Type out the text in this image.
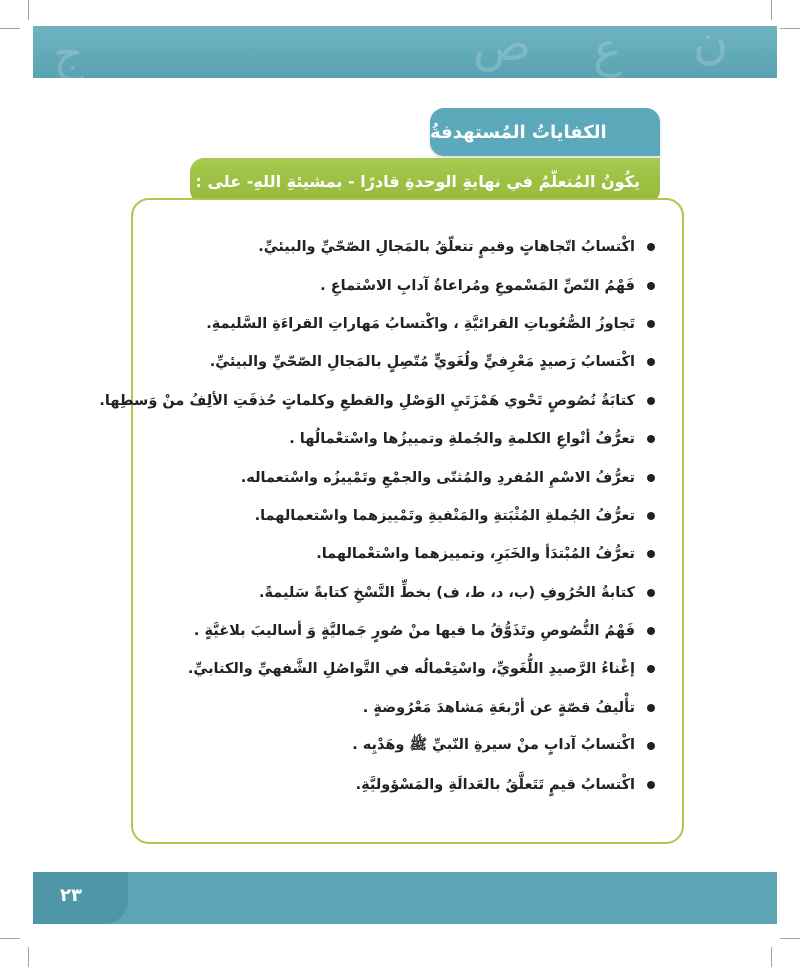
ﺹ ﻉ ﻥ
ﺝ
الكفاياتُ المُستهدفةُ
يكُونُ المُتعلّمُ في نهايةِ الوحدةِ قادرًا - بمشيئةِ اللهِ- على :
اكْتسابُ اتّجاهاتٍ وقيمٍ تتعلّقُ بالمَجالِ الصّحّيِّ والبيئيِّ.
فَهْمُ النّصِّ المَسْموعِ ومُراعاةُ آدابِ الاسْتماعِ .
تَجاوزُ الصُّعُوباتِ القرائيَّةِ ، واكْتسابُ مَهاراتِ القراءَةِ السَّليمةِ.
اكْتسابُ رَصيدٍ مَعْرِفيٍّ ولُغَويٍّ مُتّصِلٍ بالمَجالِ الصّحّيِّ والبيئيِّ.
كتابَةُ نُصُوصٍ تَحْوي هَمْزَتَيِ الوَصْلِ والقطعِ وكلماتٍ حُذفَتِ الألِفُ منْ وَسطِها.
تعرُّفُ أنْواعِ الكلمةِ والجُملةِ وتمييزُها واسْتعْمالُها .
تعرُّفُ الاسْمِ المُفردِ والمُثنّى والجمْعِ وتَمْييزُه واسْتعماله.
تعرُّفُ الجُملةِ المُثْبَتةِ والمَنْفيةِ وتَمْييزهما واسْتعمالهما.
تعرُّفُ المُبْتدَأ والخَبَرِ، وتمييزهما واسْتعْمالهما.
كتابةُ الحُرُوفِ (ب، د، ط، ف) بخطِّ النَّسْخِ كتابةً سَليمةً.
فَهْمُ النُّصُوصِ وتَذَوُّقُ ما فيها منْ صُورٍ جَماليَّةٍ وَ أساليبَ بلاغيَّةٍ .
إغْناءُ الرَّصيدِ اللُّغَويِّ، واسْتِعْمالُه في التَّواصُلِ الشَّفهيِّ والكتابيِّ.
تأْليفُ قصّةٍ عن أرْبعَةِ مَشاهدَ مَعْرُوضةٍ .
اكْتسابُ آدابٍ منْ سيرةِ النّبيِّ ﷺ وهَدْيِه .
اكْتسابُ قيمٍ تَتَعلَّقُ بالعَدالَةِ والمَسْؤوليَّةِ.
٢٣
